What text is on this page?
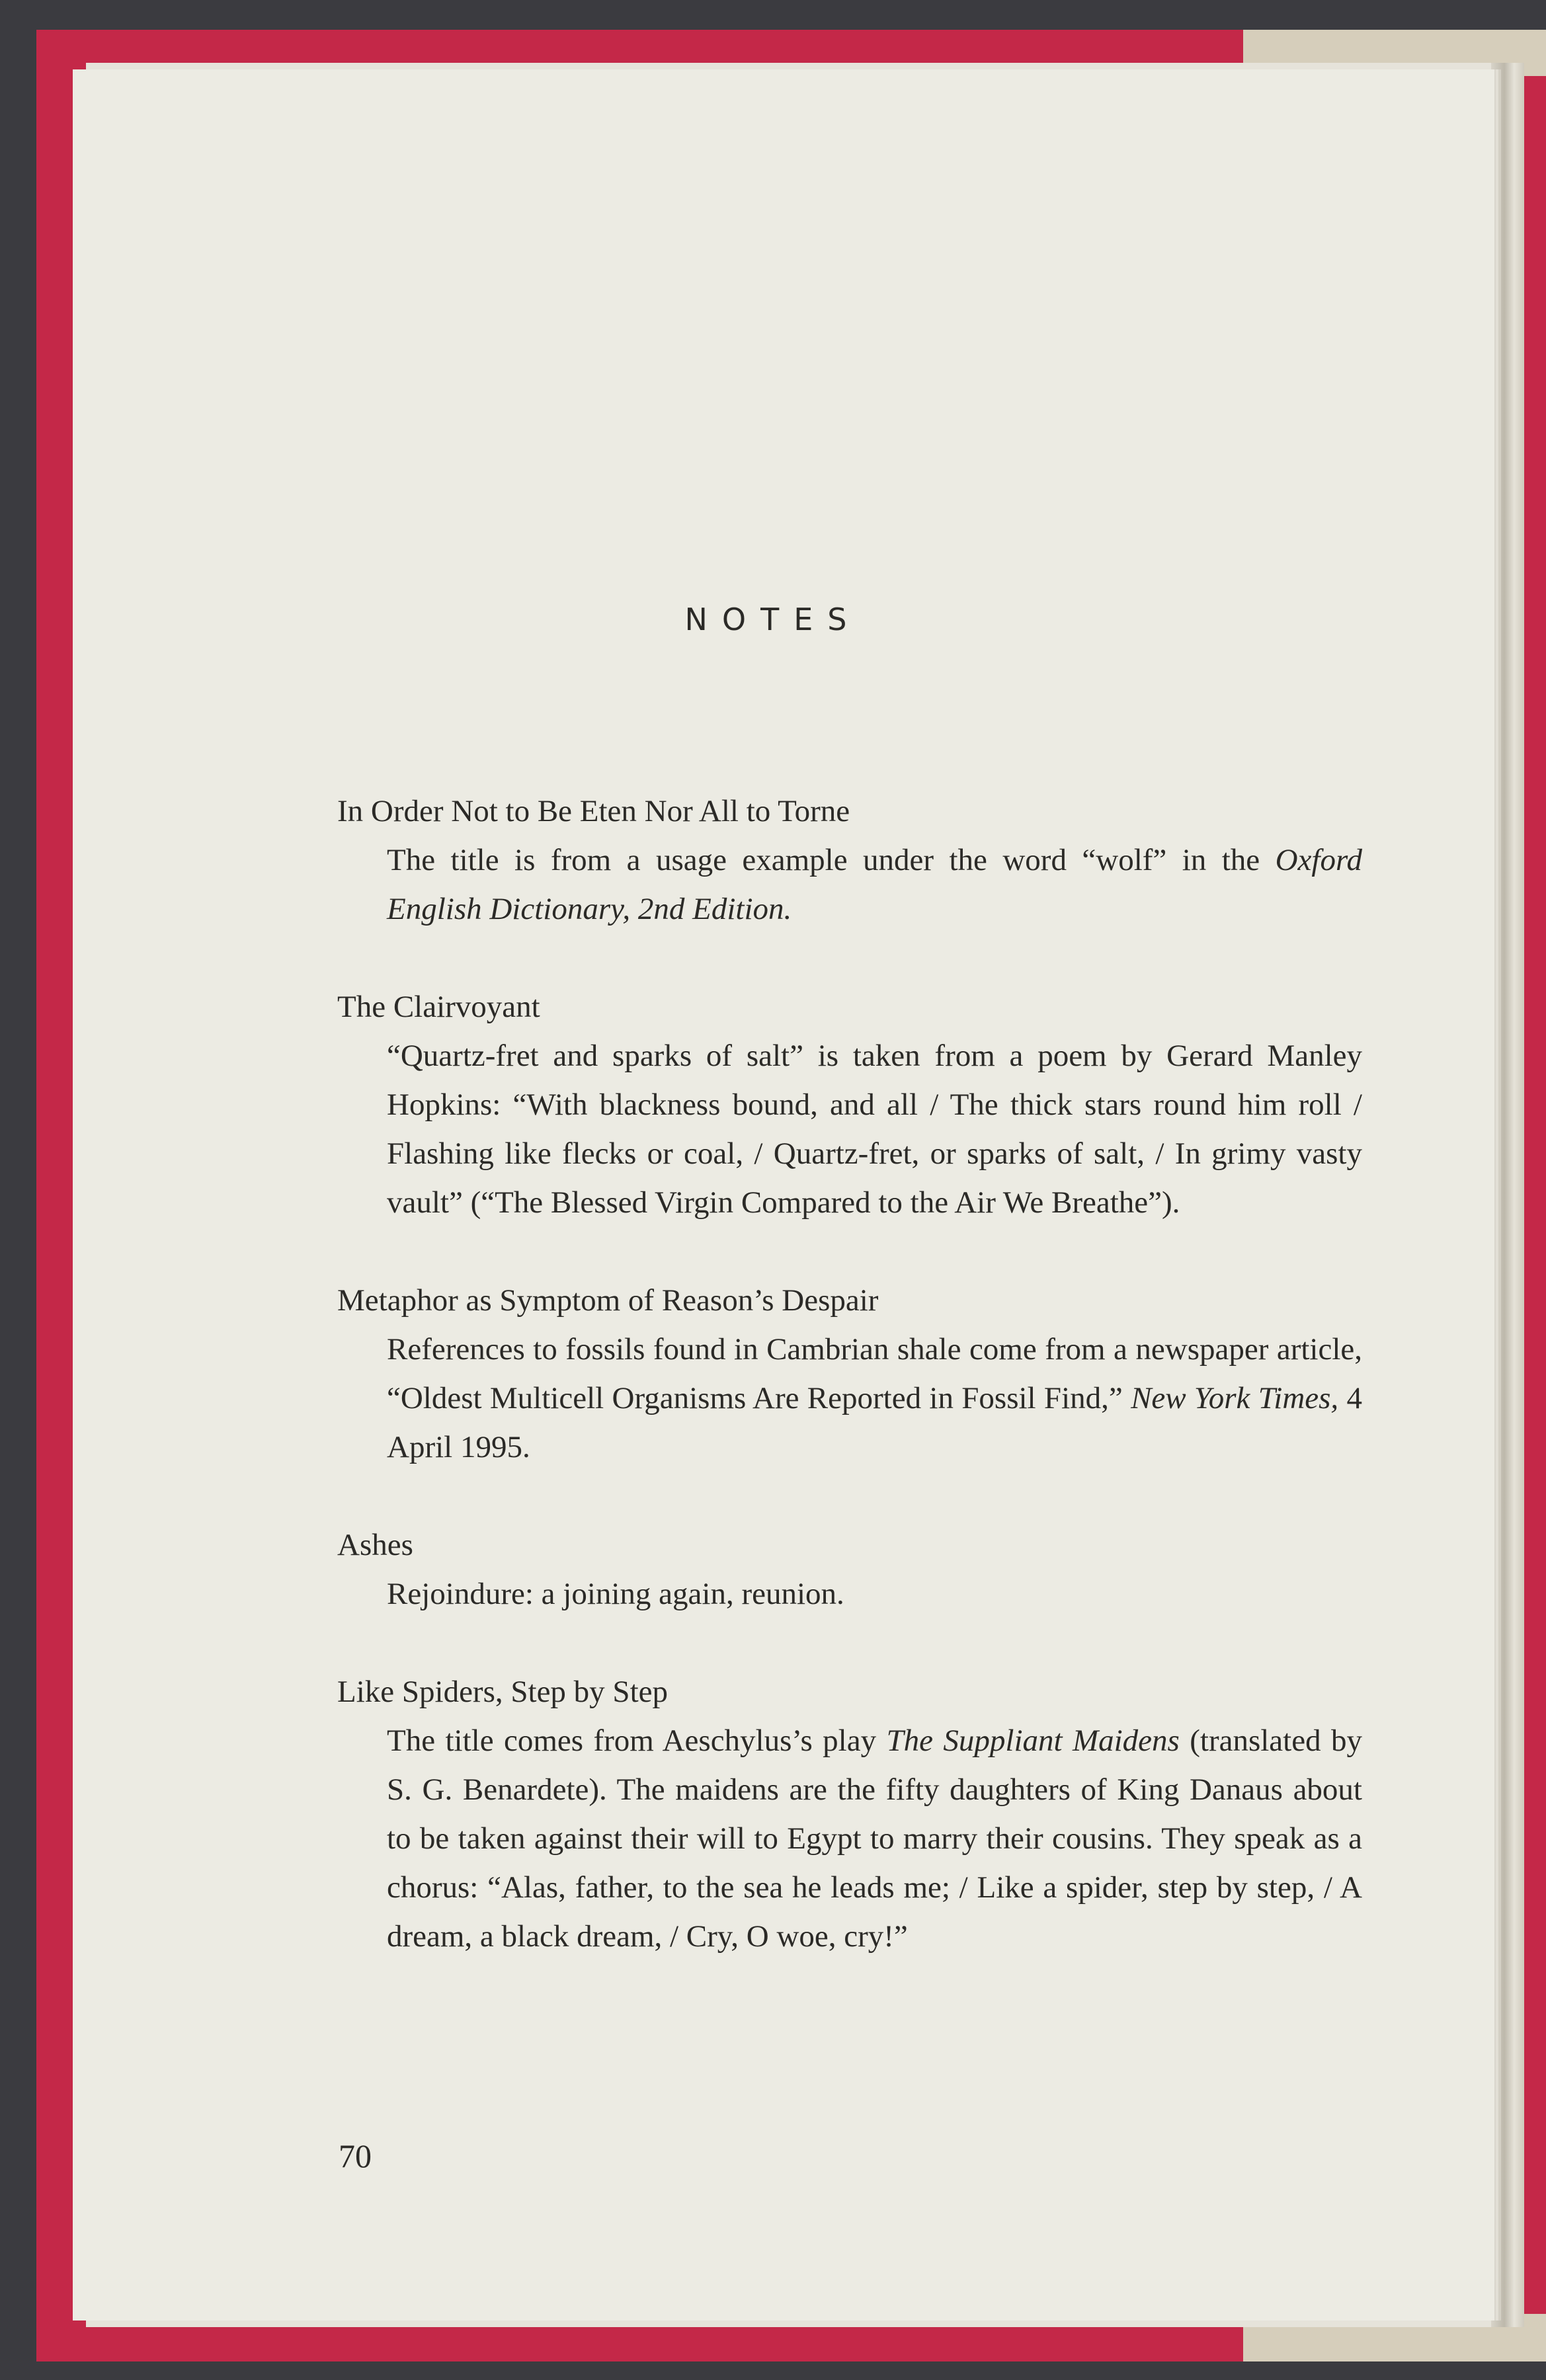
NOTES
In Order Not to Be Eten Nor All to Torne
The title is from a usage example under the word “wolf” in the Oxford English Dictionary, 2nd Edition.
The Clairvoyant
“Quartz-fret and sparks of salt” is taken from a poem by Gerard Manley Hopkins: “With blackness bound, and all / The thick stars round him roll / Flashing like flecks or coal, / Quartz-fret, or sparks of salt, / In grimy vasty vault” (“The Blessed Virgin Compared to the Air We Breathe”).
Metaphor as Symptom of Reason’s Despair
References to fossils found in Cambrian shale come from a newspaper article, “Oldest Multicell Organisms Are Reported in Fossil Find,” New York Times, 4 April 1995.
Ashes
Rejoindure: a joining again, reunion.
Like Spiders, Step by Step
The title comes from Aeschylus’s play The Suppliant Maidens (translated by S. G. Benardete). The maidens are the fifty daughters of King Danaus about to be taken against their will to Egypt to marry their cousins. They speak as a chorus: “Alas, father, to the sea he leads me; / Like a spider, step by step, / A dream, a black dream, / Cry, O woe, cry!”
70
